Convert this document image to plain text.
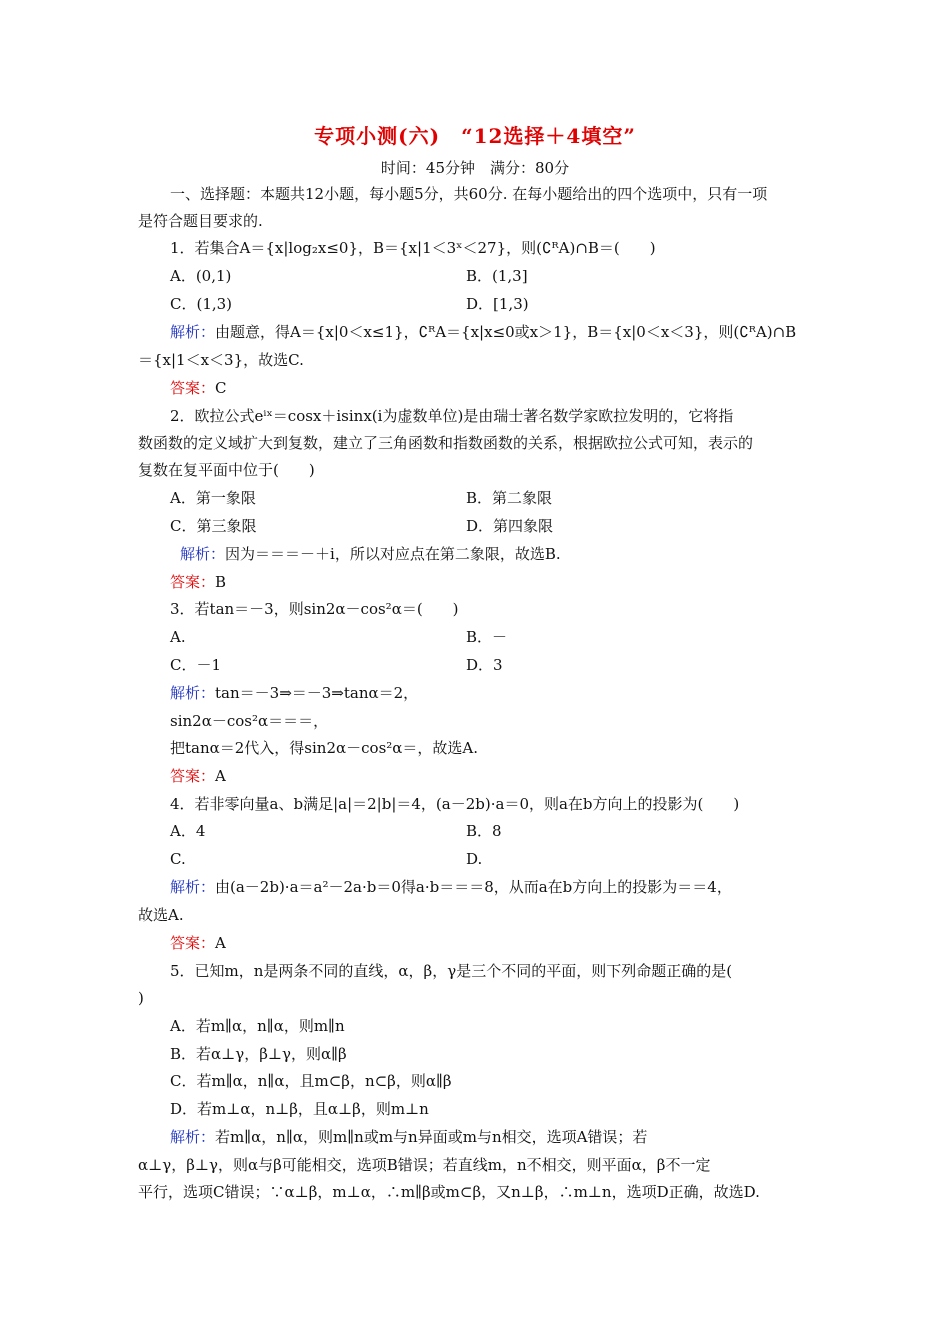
专项小测(六)　“12选择＋4填空”
时间：45分钟　满分：80分
一、选择题：本题共12小题，每小题5分，共60分. 在每小题给出的四个选项中，只有一项
是符合题目要求的.
1．若集合A＝{x|log₂x≤0}，B＝{x|1＜3ˣ＜27}，则(∁ᴿA)∩B＝(　　)
A．(0,1)	B．(1,3]
C．(1,3)	D．[1,3)
解析：由题意，得A＝{x|0＜x≤1}，∁ᴿA＝{x|x≤0或x＞1}，B＝{x|0＜x＜3}，则(∁ᴿA)∩B
＝{x|1＜x＜3}，故选C.
答案：C
2．欧拉公式eⁱˣ＝cosx＋isinx(i为虚数单位)是由瑞士著名数学家欧拉发明的，它将指
数函数的定义域扩大到复数，建立了三角函数和指数函数的关系，根据欧拉公式可知，表示的
复数在复平面中位于(　　)
A．第一象限	B．第二象限
C．第三象限	D．第四象限
解析：因为＝＝＝－＋i，所以对应点在第二象限，故选B.
答案：B
3．若tan＝－3，则sin2α－cos²α＝(　　)
A.	B．－
C．－1	D．3
解析：tan＝－3⇒＝－3⇒tanα＝2，
sin2α－cos²α＝＝＝，
把tanα＝2代入，得sin2α－cos²α＝，故选A.
答案：A
4．若非零向量a、b满足|a|＝2|b|＝4，(a－2b)·a＝0，则a在b方向上的投影为(　　)
A．4	B．8
C.	D.
解析：由(a－2b)·a＝a²－2a·b＝0得a·b＝＝＝8，从而a在b方向上的投影为＝＝4，
故选A.
答案：A
5．已知m，n是两条不同的直线，α，β，γ是三个不同的平面，则下列命题正确的是(
)
A．若m∥α，n∥α，则m∥n
B．若α⊥γ，β⊥γ，则α∥β
C．若m∥α，n∥α，且m⊂β，n⊂β，则α∥β
D．若m⊥α，n⊥β，且α⊥β，则m⊥n
解析：若m∥α，n∥α，则m∥n或m与n异面或m与n相交，选项A错误；若
α⊥γ，β⊥γ，则α与β可能相交，选项B错误；若直线m，n不相交，则平面α，β不一定
平行，选项C错误；∵α⊥β，m⊥α，∴m∥β或m⊂β，又n⊥β，∴m⊥n，选项D正确，故选D.
